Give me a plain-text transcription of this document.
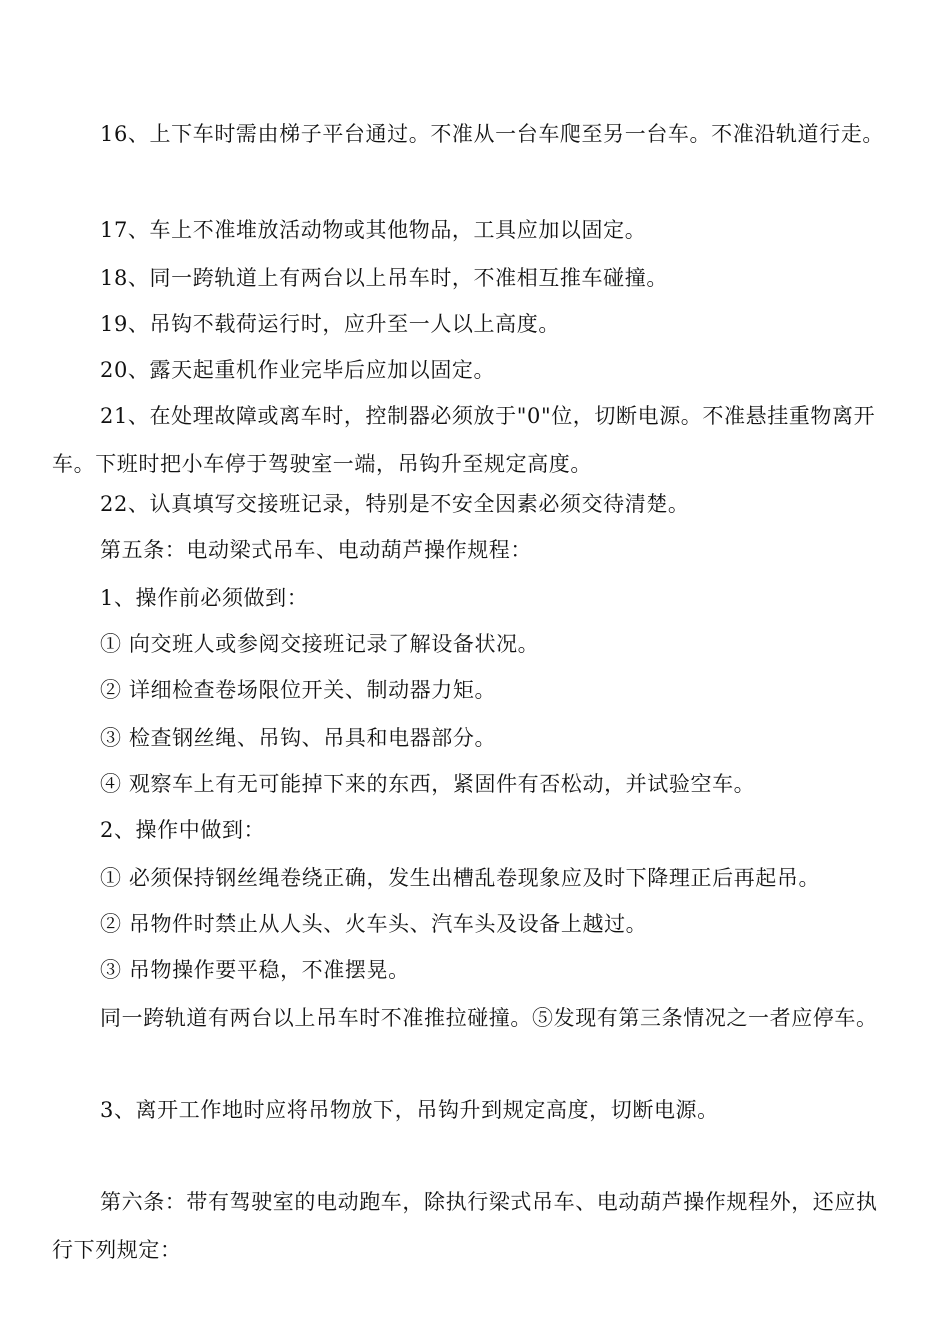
16、上下车时需由梯子平台通过。不准从一台车爬至另一台车。不准沿轨道行走。
17、车上不准堆放活动物或其他物品，工具应加以固定。
18、同一跨轨道上有两台以上吊车时，不准相互推车碰撞。
19、吊钩不载荷运行时，应升至一人以上高度。
20、露天起重机作业完毕后应加以固定。
21、在处理故障或离车时，控制器必须放于"0"位，切断电源。不准悬挂重物离开车。下班时把小车停于驾驶室一端，吊钩升至规定高度。
22、认真填写交接班记录，特别是不安全因素必须交待清楚。
第五条：电动梁式吊车、电动葫芦操作规程：
1、操作前必须做到：
① 向交班人或参阅交接班记录了解设备状况。
② 详细检查卷场限位开关、制动器力矩。
③ 检查钢丝绳、吊钩、吊具和电器部分。
④ 观察车上有无可能掉下来的东西，紧固件有否松动，并试验空车。
2、操作中做到：
① 必须保持钢丝绳卷绕正确，发生出槽乱卷现象应及时下降理正后再起吊。
② 吊物件时禁止从人头、火车头、汽车头及设备上越过。
③ 吊物操作要平稳，不准摆晃。
同一跨轨道有两台以上吊车时不准推拉碰撞。⑤发现有第三条情况之一者应停车。
3、离开工作地时应将吊物放下，吊钩升到规定高度，切断电源。
第六条：带有驾驶室的电动跑车，除执行梁式吊车、电动葫芦操作规程外，还应执行下列规定：
